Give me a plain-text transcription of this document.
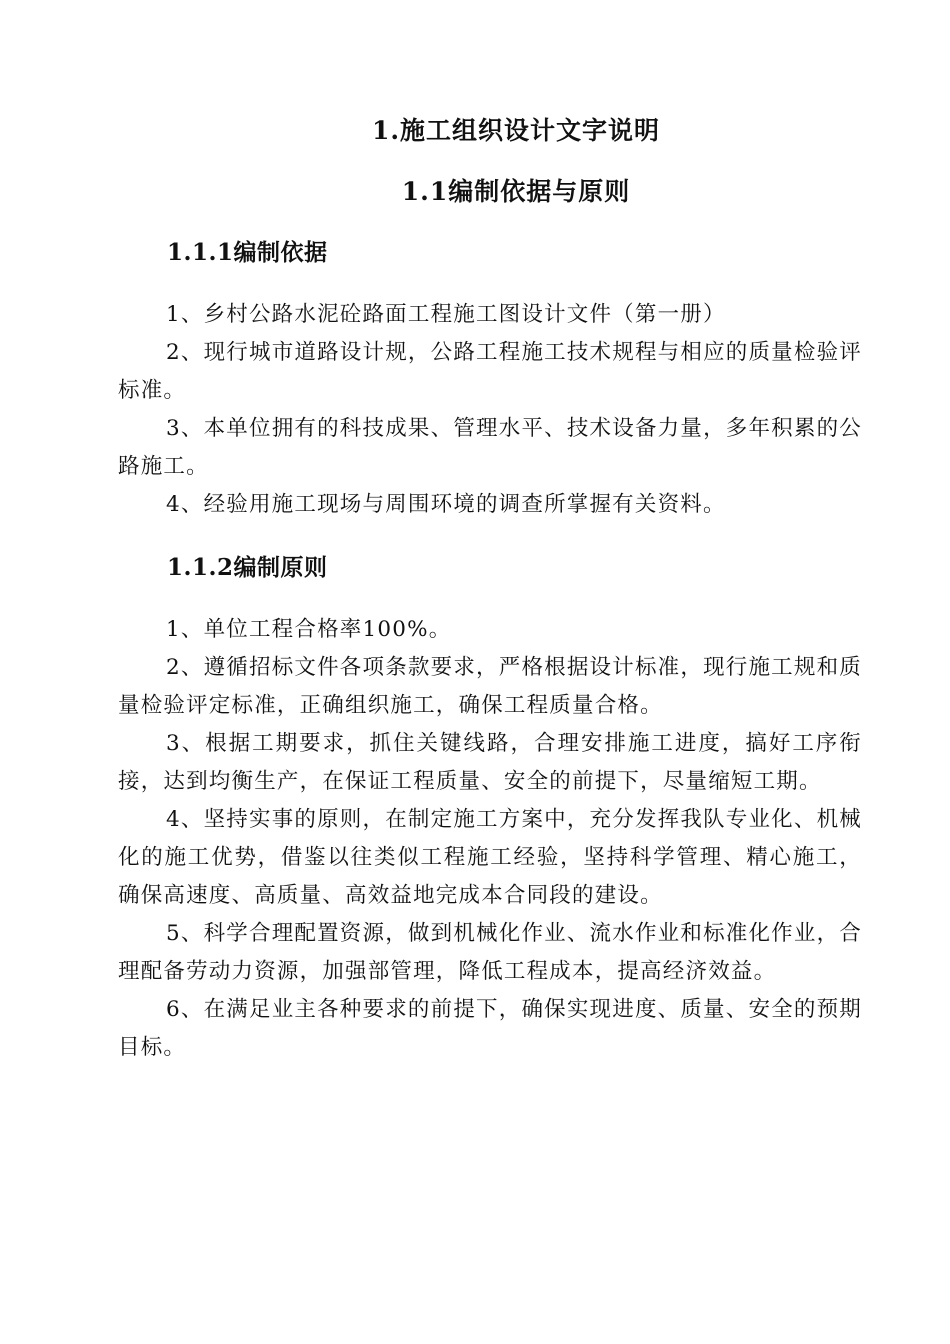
1.施工组织设计文字说明
1.1编制依据与原则
1.1.1编制依据

1、乡村公路水泥砼路面工程施工图设计文件（第一册）

2、现行城市道路设计规，公路工程施工技术规程与相应的质量检验评标准。

3、本单位拥有的科技成果、管理水平、技术设备力量，多年积累的公路施工。

4、经验用施工现场与周围环境的调查所掌握有关资料。

1.1.2编制原则

1、单位工程合格率100%。

2、遵循招标文件各项条款要求，严格根据设计标准，现行施工规和质量检验评定标准，正确组织施工，确保工程质量合格。

3、根据工期要求，抓住关键线路，合理安排施工进度，搞好工序衔接，达到均衡生产，在保证工程质量、安全的前提下，尽量缩短工期。

4、坚持实事的原则，在制定施工方案中，充分发挥我队专业化、机械化的施工优势，借鉴以往类似工程施工经验，坚持科学管理、精心施工，确保高速度、高质量、高效益地完成本合同段的建设。

5、科学合理配置资源，做到机械化作业、流水作业和标准化作业，合理配备劳动力资源，加强部管理，降低工程成本，提高经济效益。

6、在满足业主各种要求的前提下，确保实现进度、质量、安全的预期目标。
